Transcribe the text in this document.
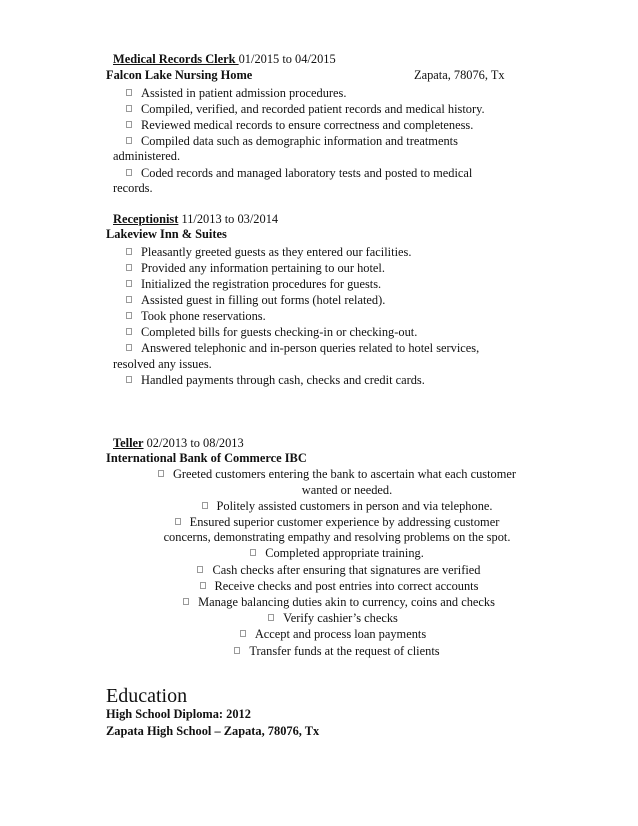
Medical Records Clerk 01/2015 to 04/2015
Falcon Lake Nursing Home	Zapata, 78076, Tx
Assisted in patient admission procedures.
Compiled, verified, and recorded patient records and medical history.
Reviewed medical records to ensure correctness and completeness.
Compiled data such as demographic information and treatments
administered.
Coded records and managed laboratory tests and posted to medical
records.
Receptionist 11/2013 to 03/2014
Lakeview Inn & Suites
Pleasantly greeted guests as they entered our facilities.
Provided any information pertaining to our hotel.
Initialized the registration procedures for guests.
Assisted guest in filling out forms (hotel related).
Took phone reservations.
Completed bills for guests checking-in or checking-out.
Answered telephonic and in-person queries related to hotel services,
resolved any issues.
Handled payments through cash, checks and credit cards.
Teller 02/2013 to 08/2013
International Bank of Commerce IBC
Greeted customers entering the bank to ascertain what each customer
wanted or needed.
Politely assisted customers in person and via telephone.
Ensured superior customer experience by addressing customer
concerns, demonstrating empathy and resolving problems on the spot.
Completed appropriate training.
Cash checks after ensuring that signatures are verified
Receive checks and post entries into correct accounts
Manage balancing duties akin to currency, coins and checks
Verify cashier’s checks
Accept and process loan payments
Transfer funds at the request of clients
Education
High School Diploma: 2012
Zapata High School – Zapata, 78076, Tx
